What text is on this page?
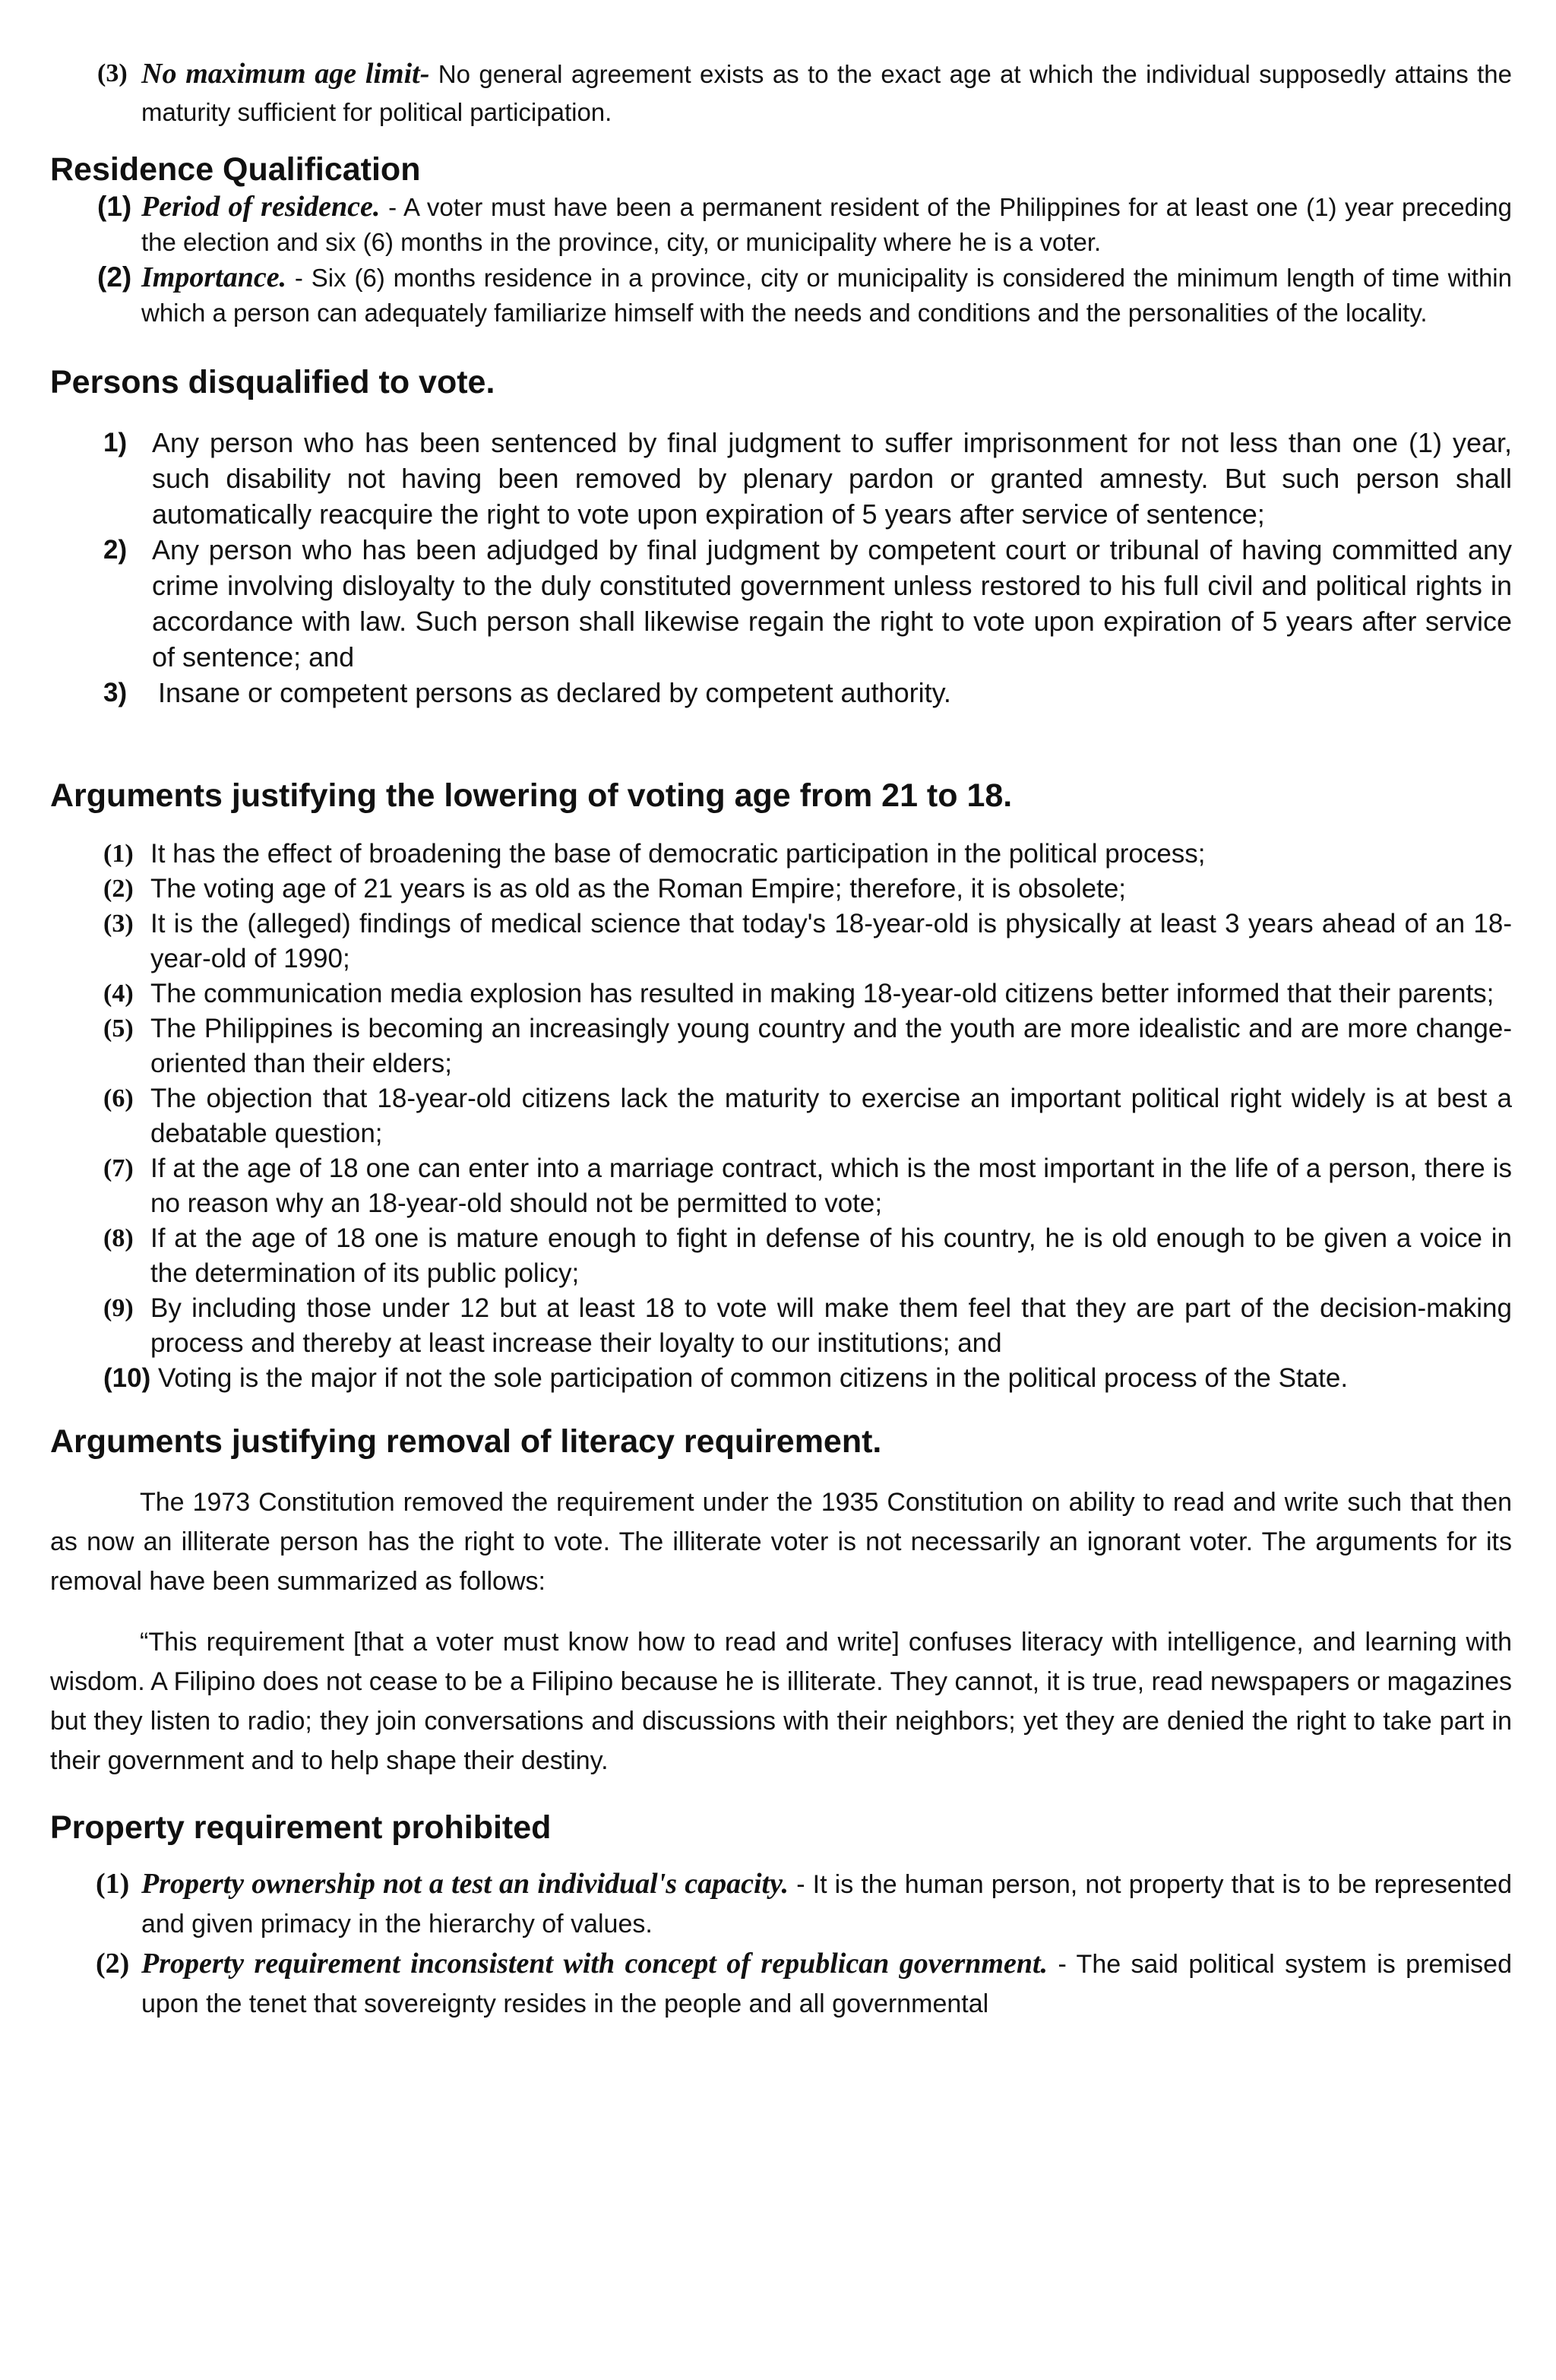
(3) No maximum age limit- No general agreement exists as to the exact age at which the individual supposedly attains the maturity sufficient for political participation.
Residence Qualification
(1) Period of residence. - A voter must have been a permanent resident of the Philippines for at least one (1) year preceding the election and six (6) months in the province, city, or municipality where he is a voter.
(2) Importance. - Six (6) months residence in a province, city or municipality is considered the minimum length of time within which a person can adequately familiarize himself with the needs and conditions and the personalities of the locality.
Persons disqualified to vote.
1) Any person who has been sentenced by final judgment to suffer imprisonment for not less than one (1) year, such disability not having been removed by plenary pardon or granted amnesty. But such person shall automatically reacquire the right to vote upon expiration of 5 years after service of sentence;
2) Any person who has been adjudged by final judgment by competent court or tribunal of having committed any crime involving disloyalty to the duly constituted government unless restored to his full civil and political rights in accordance with law. Such person shall likewise regain the right to vote upon expiration of 5 years after service of sentence; and
3) Insane or competent persons as declared by competent authority.
Arguments justifying the lowering of voting age from 21 to 18.
(1) It has the effect of broadening the base of democratic participation in the political process;
(2) The voting age of 21 years is as old as the Roman Empire; therefore, it is obsolete;
(3) It is the (alleged) findings of medical science that today's 18-year-old is physically at least 3 years ahead of an 18-year-old of 1990;
(4) The communication media explosion has resulted in making 18-year-old citizens better informed that their parents;
(5) The Philippines is becoming an increasingly young country and the youth are more idealistic and are more change-oriented than their elders;
(6) The objection that 18-year-old citizens lack the maturity to exercise an important political right widely is at best a debatable question;
(7) If at the age of 18 one can enter into a marriage contract, which is the most important in the life of a person, there is no reason why an 18-year-old should not be permitted to vote;
(8) If at the age of 18 one is mature enough to fight in defense of his country, he is old enough to be given a voice in the determination of its public policy;
(9) By including those under 12 but at least 18 to vote will make them feel that they are part of the decision-making process and thereby at least increase their loyalty to our institutions; and
(10) Voting is the major if not the sole participation of common citizens in the political process of the State.
Arguments justifying removal of literacy requirement.

The 1973 Constitution removed the requirement under the 1935 Constitution on ability to read and write such that then as now an illiterate person has the right to vote. The illiterate voter is not necessarily an ignorant voter. The arguments for its removal have been summarized as follows:

“This requirement [that a voter must know how to read and write] confuses literacy with intelligence, and learning with wisdom. A Filipino does not cease to be a Filipino because he is illiterate. They cannot, it is true, read newspapers or magazines but they listen to radio; they join conversations and discussions with their neighbors; yet they are denied the right to take part in their government and to help shape their destiny.

Property requirement prohibited
(1) Property ownership not a test an individual's capacity. - It is the human person, not property that is to be represented and given primacy in the hierarchy of values.
(2) Property requirement inconsistent with concept of republican government. - The said political system is premised upon the tenet that sovereignty resides in the people and all governmental
